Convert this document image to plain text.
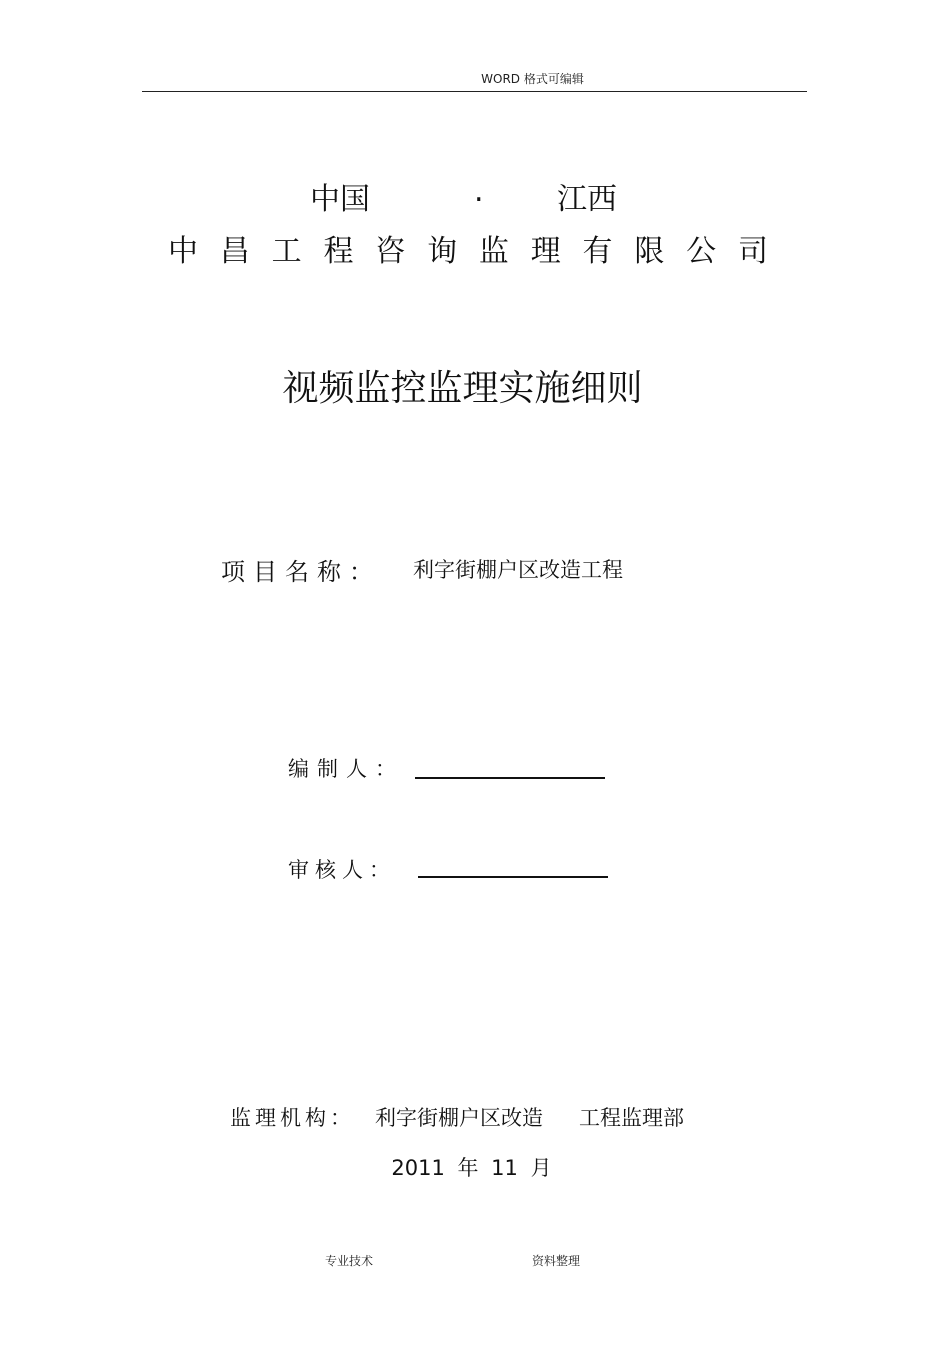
WORD 格式可编辑
中国	. 江西
中 昌 工 程 咨 询 监 理 有 限 公 司
视频监控监理实施细则
项目名称： 利字街棚户区改造工程
编制人：
审核人：
监理机构： 利字街棚户区改造 工程监理部
2011 年 11 月
专业技术	资料整理
